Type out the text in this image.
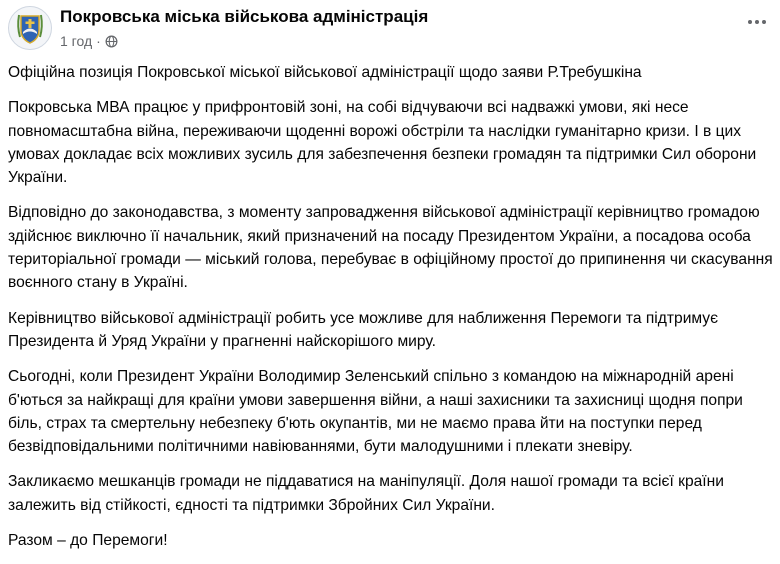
Покровська міська військова адміністрація
1 год ·

Офіційна позиція Покровської міської військової адміністрації щодо заяви Р.Требушкіна

Покровська МВА працює у прифронтовій зоні, на собі відчуваючи всі надважкі умови, які несе повномасштабна війна, переживаючи щоденні ворожі обстріли та наслідки гуманітарно кризи. І в цих умовах докладає всіх можливих зусиль для забезпечення безпеки громадян та підтримки Сил оборони України.

Відповідно до законодавства, з моменту запровадження військової адміністрації керівництво громадою здійснює виключно її начальник, який призначений на посаду Президентом України, а посадова особа територіальної громади — міський голова, перебуває в офіційному простої до припинення чи скасування воєнного стану в Україні.

Керівництво військової адміністрації робить усе можливе для наближення Перемоги та підтримує Президента й Уряд України у прагненні найскорішого миру.

Сьогодні, коли Президент України Володимир Зеленський спільно з командою на міжнародній арені б'ються за найкращі для країни умови завершення війни, а наші захисники та захисниці щодня попри біль, страх та смертельну небезпеку б'ють окупантів, ми не маємо права йти на поступки перед безвідповідальними політичними навіюваннями, бути малодушними і плекати зневіру.

Закликаємо мешканців громади не піддаватися на маніпуляції. Доля нашої громади та всієї країни залежить від стійкості, єдності та підтримки Збройних Сил України.

Разом – до Перемоги!
